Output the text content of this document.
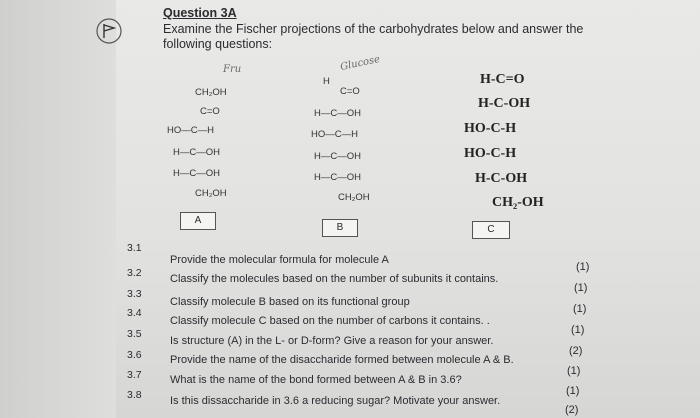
Question 3A
Examine the Fischer projections of the carbohydrates below and answer the following questions:
Fru
CH₂OH
C=O
HO—C—H
H—C—OH
H—C—OH
CH₂OH
A
Glucose
H
C=O
H—C—OH
HO—C—H
H—C—OH
H—C—OH
CH₂OH
B
H-C=O
H-C-OH
HO-C-H
HO-C-H
H-C-OH
CH₂-OH
C
3.1
Provide the molecular formula for molecule A
(1)
3.2	Classify the molecules based on the number of subunits it contains.
(1)
3.3
Classify molecule B based on its functional group
(1)
3.4
Classify molecule C based on the number of carbons it contains. .
(1)
3.5
Is structure (A) in the L- or D-form? Give a reason for your answer.
(2)
3.6	Provide the name of the disaccharide formed between molecule A & B.
(1)
3.7	What is the name of the bond formed between A & B in 3.6?
(1)
3.8	Is this dissaccharide in 3.6 a reducing sugar? Motivate your answer.
(2)
